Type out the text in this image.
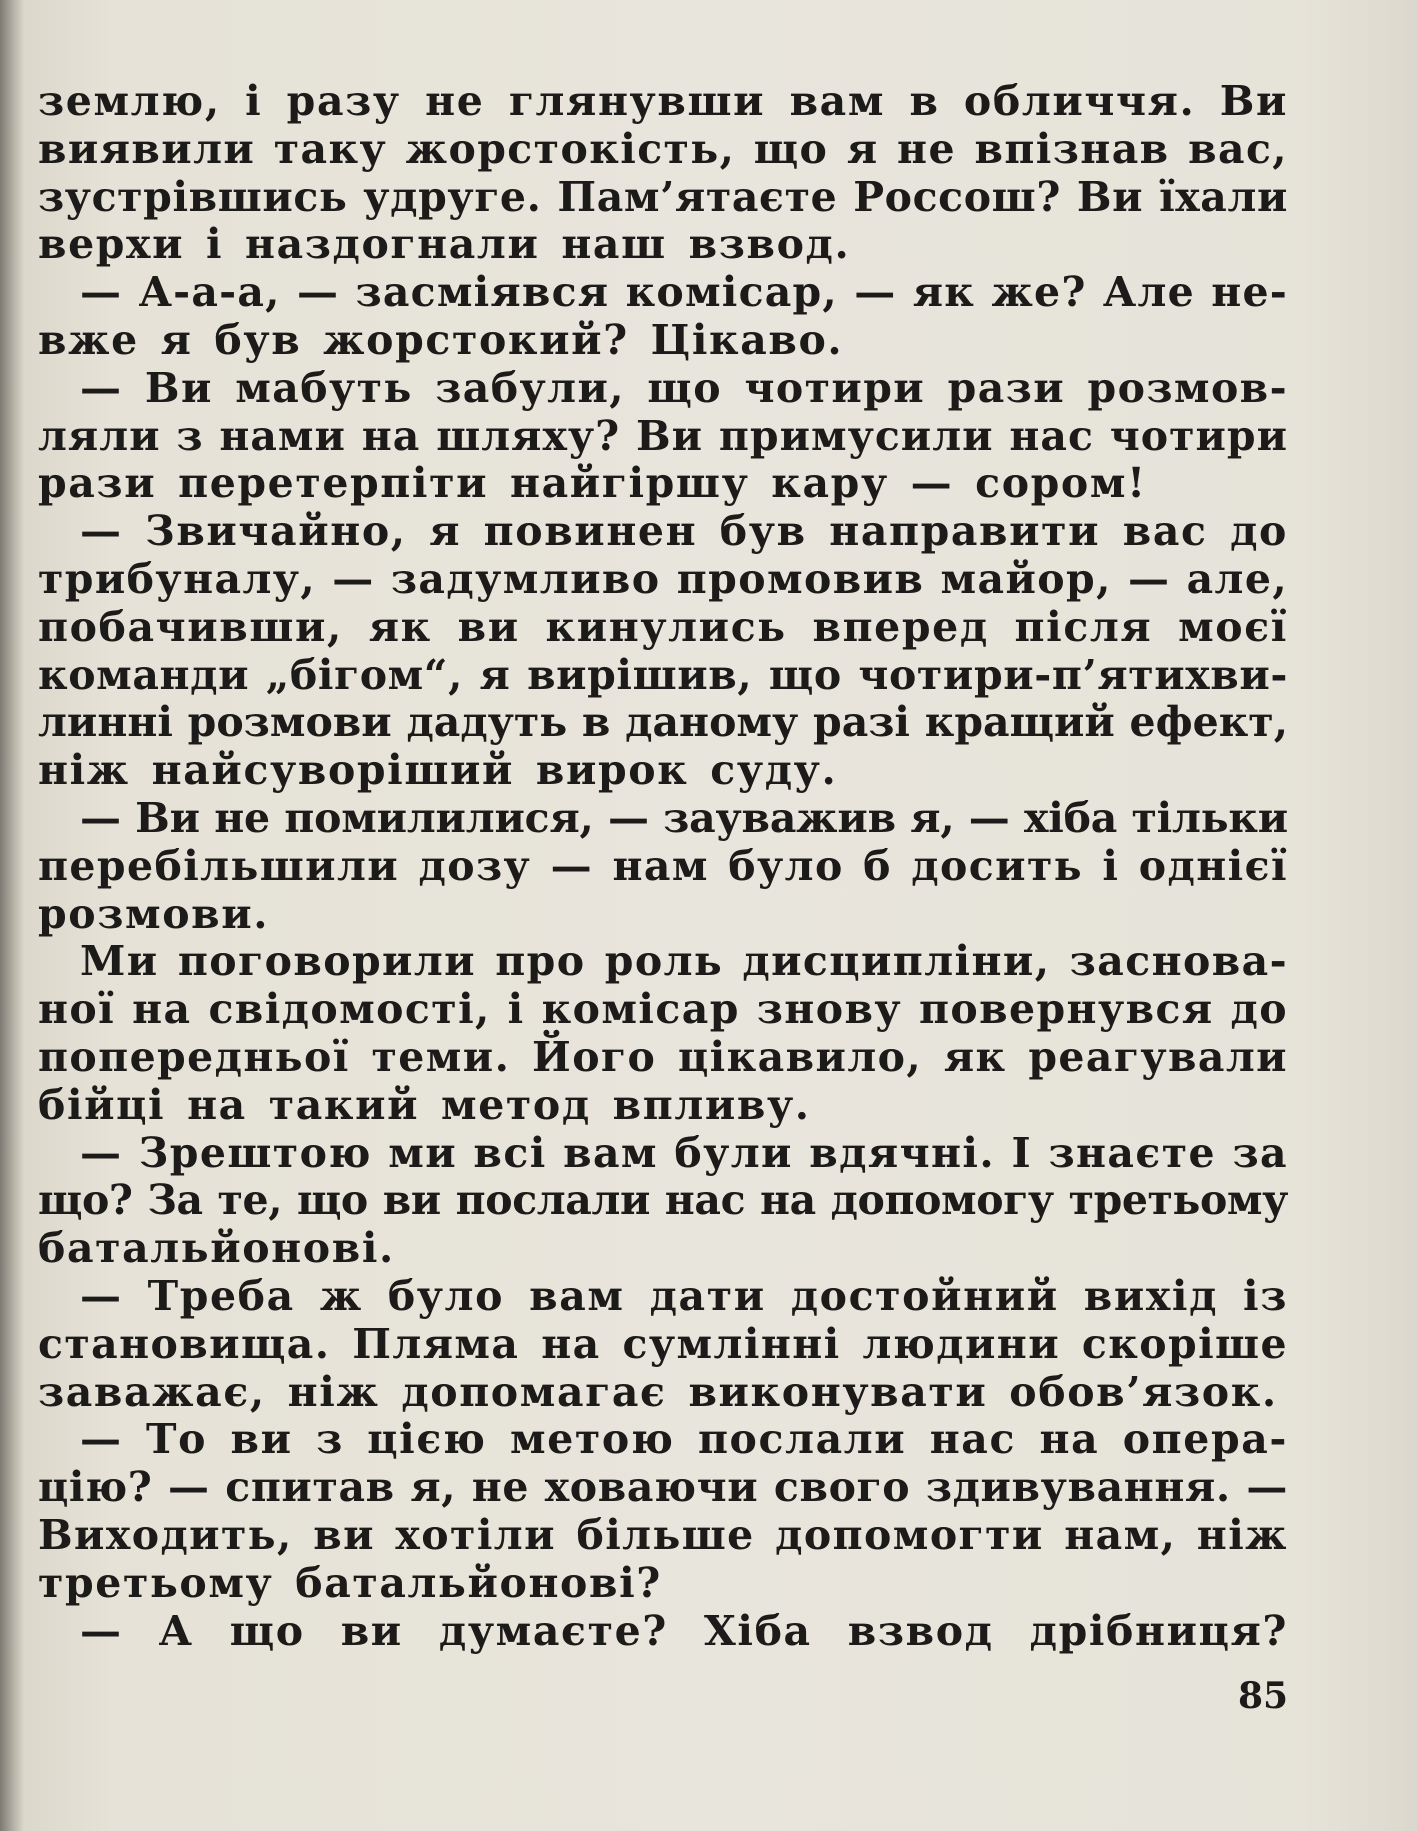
землю, і разу не глянувши вам в обличчя. Ви
виявили таку жорстокість, що я не впізнав вас,
зустрівшись удруге. Пам’ятаєте Россош? Ви їхали
верхи і наздогнали наш взвод.
— А-а-а, — засміявся комісар, — як же? Але не-
вже я був жорстокий? Цікаво.
— Ви мабуть забули, що чотири рази розмов-
ляли з нами на шляху? Ви примусили нас чотири
рази перетерпіти найгіршу кару — сором!
— Звичайно, я повинен був направити вас до
трибуналу, — задумливо промовив майор, — але,
побачивши, як ви кинулись вперед після моєї
команди „бігом“, я вирішив, що чотири-п’ятихви-
линні розмови дадуть в даному разі кращий ефект,
ніж найсуворіший вирок суду.
— Ви не помилилися, — зауважив я, — хіба тільки
перебільшили дозу — нам було б досить і однієї
розмови.
Ми поговорили про роль дисципліни, заснова-
ної на свідомості, і комісар знову повернувся до
попередньої теми. Його цікавило, як реагували
бійці на такий метод впливу.
— Зрештою ми всі вам були вдячні. І знаєте за
що? За те, що ви послали нас на допомогу третьому
батальйонові.
— Треба ж було вам дати достойний вихід із
становища. Пляма на сумлінні людини скоріше
заважає, ніж допомагає виконувати обов’язок.
— То ви з цією метою послали нас на опера-
цію? — спитав я, не ховаючи свого здивування. —
Виходить, ви хотіли більше допомогти нам, ніж
третьому батальйонові?
— А що ви думаєте? Хіба взвод дрібниця?
85
